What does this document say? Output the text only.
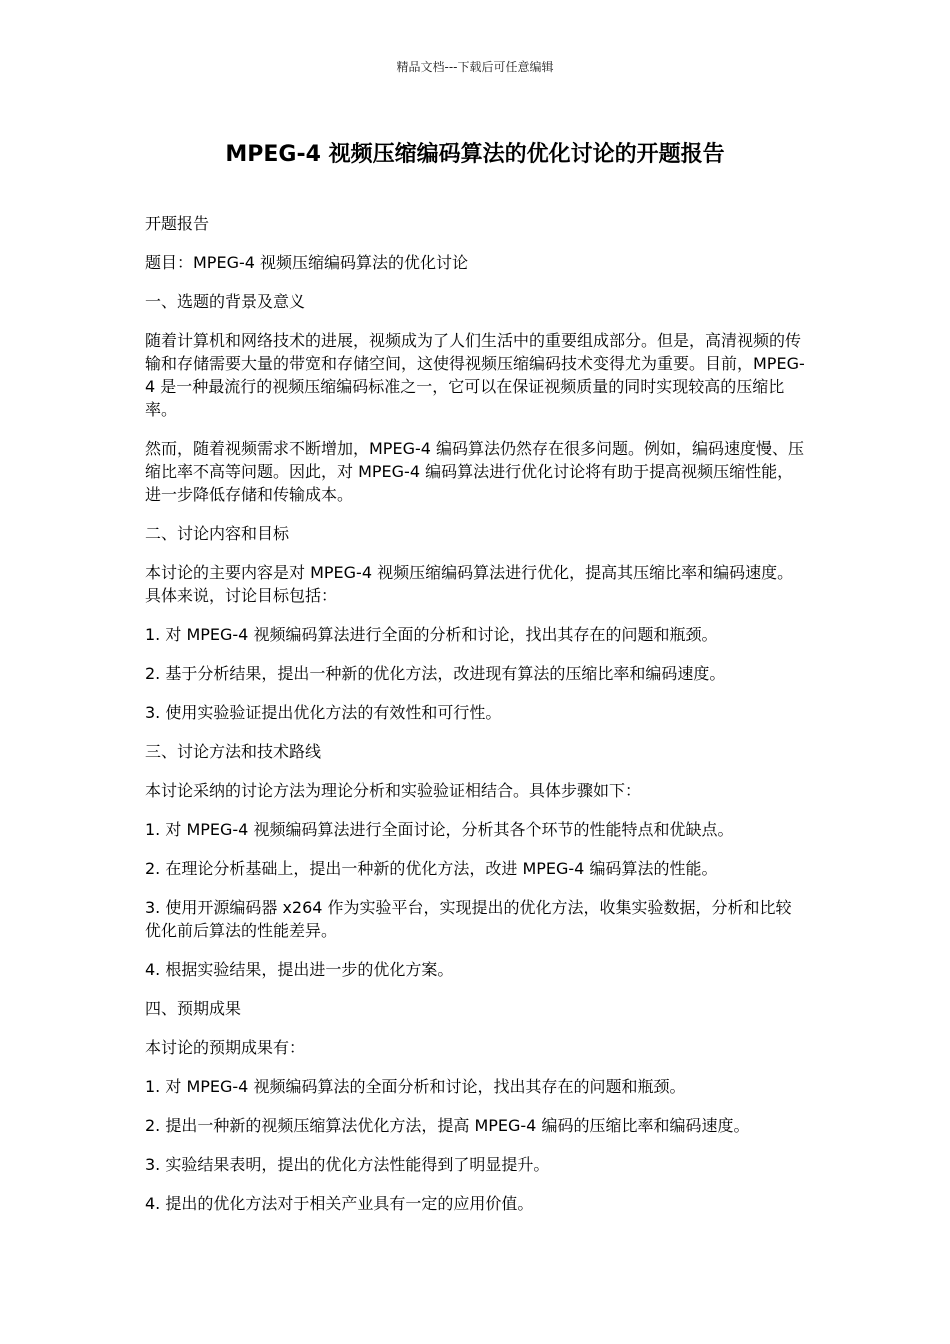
精品文档---下载后可任意编辑
MPEG-4 视频压缩编码算法的优化讨论的开题报告

开题报告

题目：MPEG-4 视频压缩编码算法的优化讨论

一、选题的背景及意义

随着计算机和网络技术的进展，视频成为了人们生活中的重要组成部分。但是，高清视频的传输和存储需要大量的带宽和存储空间，这使得视频压缩编码技术变得尤为重要。目前，MPEG-4 是一种最流行的视频压缩编码标准之一，它可以在保证视频质量的同时实现较高的压缩比率。

然而，随着视频需求不断增加，MPEG-4 编码算法仍然存在很多问题。例如，编码速度慢、压缩比率不高等问题。因此，对 MPEG-4 编码算法进行优化讨论将有助于提高视频压缩性能，进一步降低存储和传输成本。

二、讨论内容和目标

本讨论的主要内容是对 MPEG-4 视频压缩编码算法进行优化，提高其压缩比率和编码速度。具体来说，讨论目标包括：

1. 对 MPEG-4 视频编码算法进行全面的分析和讨论，找出其存在的问题和瓶颈。

2. 基于分析结果，提出一种新的优化方法，改进现有算法的压缩比率和编码速度。

3. 使用实验验证提出优化方法的有效性和可行性。

三、讨论方法和技术路线

本讨论采纳的讨论方法为理论分析和实验验证相结合。具体步骤如下：

1. 对 MPEG-4 视频编码算法进行全面讨论，分析其各个环节的性能特点和优缺点。

2. 在理论分析基础上，提出一种新的优化方法，改进 MPEG-4 编码算法的性能。

3. 使用开源编码器 x264 作为实验平台，实现提出的优化方法，收集实验数据，分析和比较优化前后算法的性能差异。

4. 根据实验结果，提出进一步的优化方案。

四、预期成果

本讨论的预期成果有：

1. 对 MPEG-4 视频编码算法的全面分析和讨论，找出其存在的问题和瓶颈。

2. 提出一种新的视频压缩算法优化方法，提高 MPEG-4 编码的压缩比率和编码速度。

3. 实验结果表明，提出的优化方法性能得到了明显提升。

4. 提出的优化方法对于相关产业具有一定的应用价值。
